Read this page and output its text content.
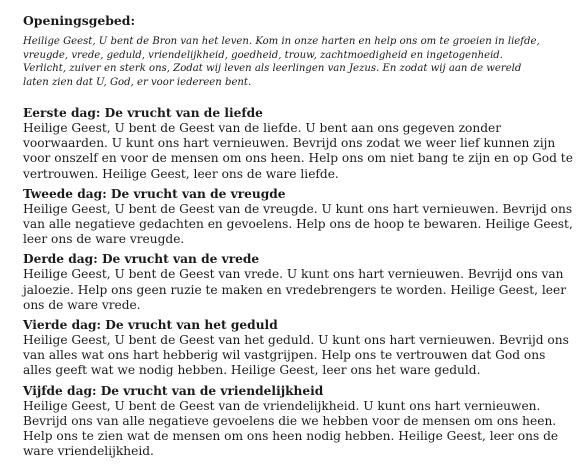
Openingsgebed:

Heilige Geest, U bent de Bron van het leven. Kom in onze harten en help ons om te groeien in liefde,
vreugde, vrede, geduld, vriendelijkheid, goedheid, trouw, zachtmoedigheid en ingetogenheid.
Verlicht, zuiver en sterk ons, Zodat wij leven als leerlingen van Jezus. En zodat wij aan de wereld
laten zien dat U, God, er voor iedereen bent.

Eerste dag: De vrucht van de liefde

Heilige Geest, U bent de Geest van de liefde. U bent aan ons gegeven zonder
voorwaarden. U kunt ons hart vernieuwen. Bevrijd ons zodat we weer lief kunnen zijn
voor onszelf en voor de mensen om ons heen. Help ons om niet bang te zijn en op God te
vertrouwen. Heilige Geest, leer ons de ware liefde.

Tweede dag: De vrucht van de vreugde

Heilige Geest, U bent de Geest van de vreugde. U kunt ons hart vernieuwen. Bevrijd ons
van alle negatieve gedachten en gevoelens. Help ons de hoop te bewaren. Heilige Geest,
leer ons de ware vreugde.

Derde dag: De vrucht van de vrede

Heilige Geest, U bent de Geest van vrede. U kunt ons hart vernieuwen. Bevrijd ons van
jaloezie. Help ons geen ruzie te maken en vredebrengers te worden. Heilige Geest, leer
ons de ware vrede.

Vierde dag: De vrucht van het geduld

Heilige Geest, U bent de Geest van het geduld. U kunt ons hart vernieuwen. Bevrijd ons
van alles wat ons hart hebberig wil vastgrijpen. Help ons te vertrouwen dat God ons
alles geeft wat we nodig hebben. Heilige Geest, leer ons het ware geduld.

Vijfde dag: De vrucht van de vriendelijkheid

Heilige Geest, U bent de Geest van de vriendelijkheid. U kunt ons hart vernieuwen.
Bevrijd ons van alle negatieve gevoelens die we hebben voor de mensen om ons heen.
Help ons te zien wat de mensen om ons heen nodig hebben. Heilige Geest, leer ons de
ware vriendelijkheid.
